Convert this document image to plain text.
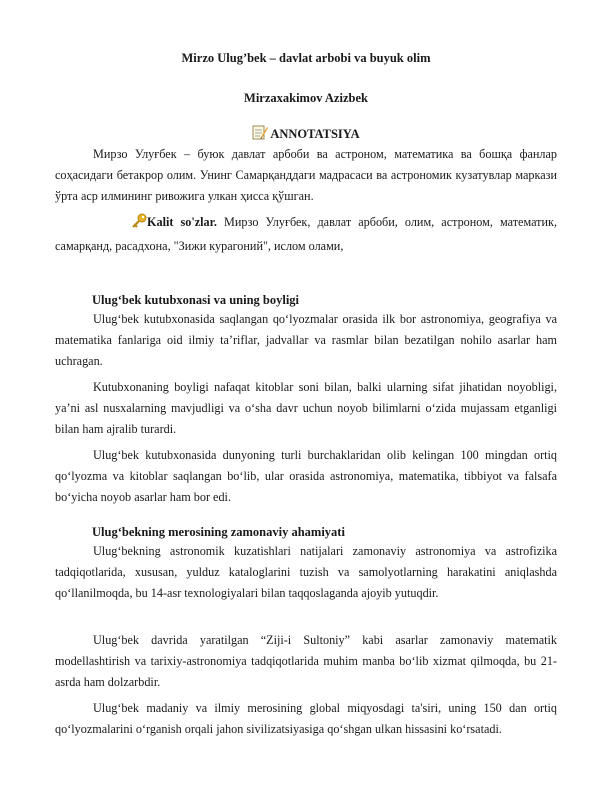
Mirzo Ulug’bek – davlat arbobi va buyuk olim
Mirzaxakimov Azizbek
ANNOTATSIYA

Мирзо Улуғбек – буюк давлат арбоби ва астроном, математика ва бошқа фанлар соҳасидаги бетакрор олим. Унинг Самарқанддаги мадрасаси ва астрономик кузатувлар маркази ўрта аср илмининг ривожига улкан ҳисса қўшган.

Kalit so'zlar. Мирзо Улуғбек, давлат арбоби, олим, астроном, математик, самарқанд, расадхона, "Зижи курагоний", ислом олами,

Ulug‘bek kutubxonasi va uning boyligi

Ulug‘bek kutubxonasida saqlangan qo‘lyozmalar orasida ilk bor astronomiya, geografiya va matematika fanlariga oid ilmiy ta’riflar, jadvallar va rasmlar bilan bezatilgan nohilo asarlar ham uchragan.

Kutubxonaning boyligi nafaqat kitoblar soni bilan, balki ularning sifat jihatidan noyobligi, ya’ni asl nusxalarning mavjudligi va o‘sha davr uchun noyob bilimlarni o‘zida mujassam etganligi bilan ham ajralib turardi.

Ulug‘bek kutubxonasida dunyoning turli burchaklaridan olib kelingan 100 mingdan ortiq qo‘lyozma va kitoblar saqlangan bo‘lib, ular orasida astronomiya, matematika, tibbiyot va falsafa bo‘yicha noyob asarlar ham bor edi.

Ulug‘bekning merosining zamonaviy ahamiyati

Ulug‘bekning astronomik kuzatishlari natijalari zamonaviy astronomiya va astrofizika tadqiqotlarida, xususan, yulduz kataloglarini tuzish va samolyotlarning harakatini aniqlashda qo‘llanilmoqda, bu 14-asr texnologiyalari bilan taqqoslaganda ajoyib yutuqdir.

Ulug‘bek davrida yaratilgan “Ziji-i Sultoniy” kabi asarlar zamonaviy matematik modellashtirish va tarixiy-astronomiya tadqiqotlarida muhim manba bo‘lib xizmat qilmoqda, bu 21-asrda ham dolzarbdir.

Ulug‘bek madaniy va ilmiy merosining global miqyosdagi ta'siri, uning 150 dan ortiq qo‘lyozmalarini o‘rganish orqali jahon sivilizatsiyasiga qo‘shgan ulkan hissasini ko‘rsatadi.
